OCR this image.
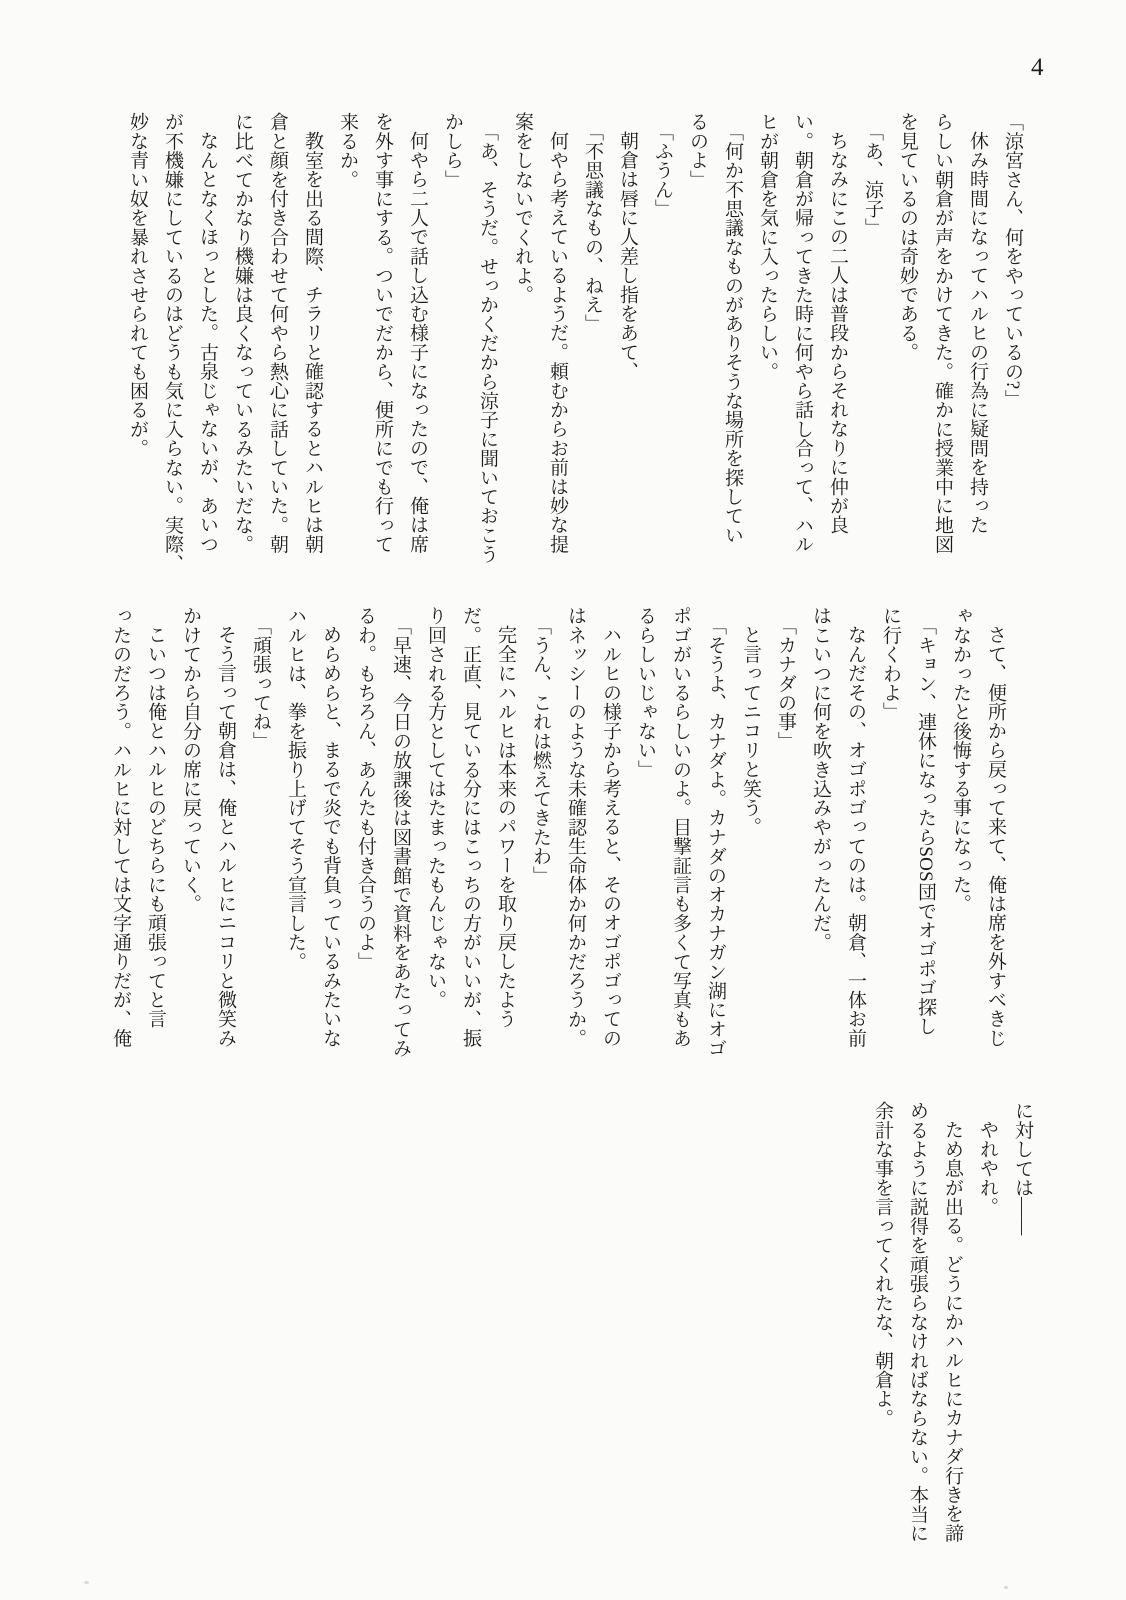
4

「涼宮さん、何をやっているの?」

休み時間になってハルヒの行為に疑問を持った

らしい朝倉が声をかけてきた。確かに授業中に地図

を見ているのは奇妙である。

「あ、涼子」

ちなみにこの二人は普段からそれなりに仲が良

い。朝倉が帰ってきた時に何やら話し合って、ハル

ヒが朝倉を気に入ったらしい。

「何か不思議なものがありそうな場所を探してい

るのよ」

「ふうん」

朝倉は唇に人差し指をあて、

「不思議なもの、ねえ」

何やら考えているようだ。頼むからお前は妙な提

案をしないでくれよ。

「あ、そうだ。せっかくだから涼子に聞いておこう

かしら」

何やら二人で話し込む様子になったので、俺は席

を外す事にする。ついでだから、便所にでも行って

来るか。

教室を出る間際、チラリと確認するとハルヒは朝

倉と顔を付き合わせて何やら熱心に話していた。朝

に比べてかなり機嫌は良くなっているみたいだな。

なんとなくほっとした。古泉じゃないが、あいつ

が不機嫌にしているのはどうも気に入らない。実際、

妙な青い奴を暴れさせられても困るが。

さて、便所から戻って来て、俺は席を外すべきじ

ゃなかったと後悔する事になった。

「キョン、連休になったらSOS団でオゴポゴ探し

に行くわよ」

なんだその、オゴポゴってのは。朝倉、一体お前

はこいつに何を吹き込みやがったんだ。

「カナダの事」

と言ってニコリと笑う。

「そうよ、カナダよ。カナダのオカナガン湖にオゴ

ポゴがいるらしいのよ。目撃証言も多くて写真もあ

るらしいじゃない」

ハルヒの様子から考えると、そのオゴポゴっての

はネッシーのような未確認生命体か何かだろうか。

「うん、これは燃えてきたわ」

完全にハルヒは本来のパワーを取り戻したよう

だ。正直、見ている分にはこっちの方がいいが、振

り回される方としてはたまったもんじゃない。

「早速、今日の放課後は図書館で資料をあたってみ

るわ。もちろん、あんたも付き合うのよ」

めらめらと、まるで炎でも背負っているみたいな

ハルヒは、拳を振り上げてそう宣言した。

「頑張ってね」

そう言って朝倉は、俺とハルヒにニコリと微笑み

かけてから自分の席に戻っていく。

こいつは俺とハルヒのどちらにも頑張ってと言

ったのだろう。ハルヒに対しては文字通りだが、俺

に対しては――

やれやれ。

ため息が出る。どうにかハルヒにカナダ行きを諦

めるように説得を頑張らなければならない。本当に

余計な事を言ってくれたな、朝倉よ。
